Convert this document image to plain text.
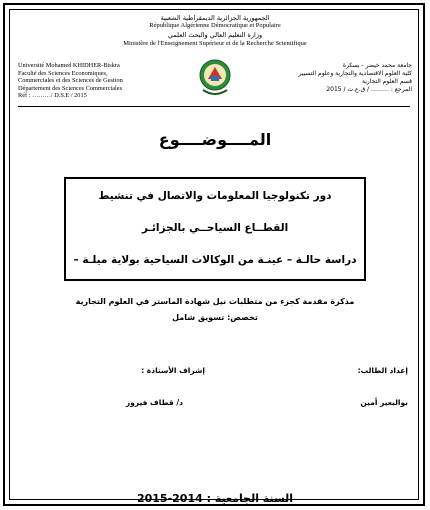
الجمهورية الجزائرية الديمقراطية الشعبية
République Algérienne Démocratique et Populaire
وزارة التعليم العالي والبحث العلمي
Ministère de l'Enseignement Supérieur et de la Recherche Scientifique
Université Mohamed KHIDHER-Biskra
Faculté des Sciences Economiques,
Commerciales et des Sciences de Gestion
Département des Sciences Commerciales
Réf : ………/ D.S.E / 2015
جامعة محمد خيضر - بسكرة
كلية العلوم الاقتصادية والتجارية وعلوم التسيير
قسم العلوم التجارية
المرجع : ……… / ق.ع.ت / 2015
المــــوضــــوع
دور تكنولوجيا المعلومات والاتصال في تنشيط
القطــاع السياحــي بالجزائـر
دراسة حالـة – عينـة من الوكالات السياحية بولاية ميلـة –
مذكرة مقدمة كجزء من متطلبات نيل شهادة الماستر في العلوم التجارية
تخصص: تسويق شامل
إعداد الطالب:
إشراف الأستاذة :
بوالبعير أمين
د/ قطاف فيروز
السنة الجامعية : 2014-2015
